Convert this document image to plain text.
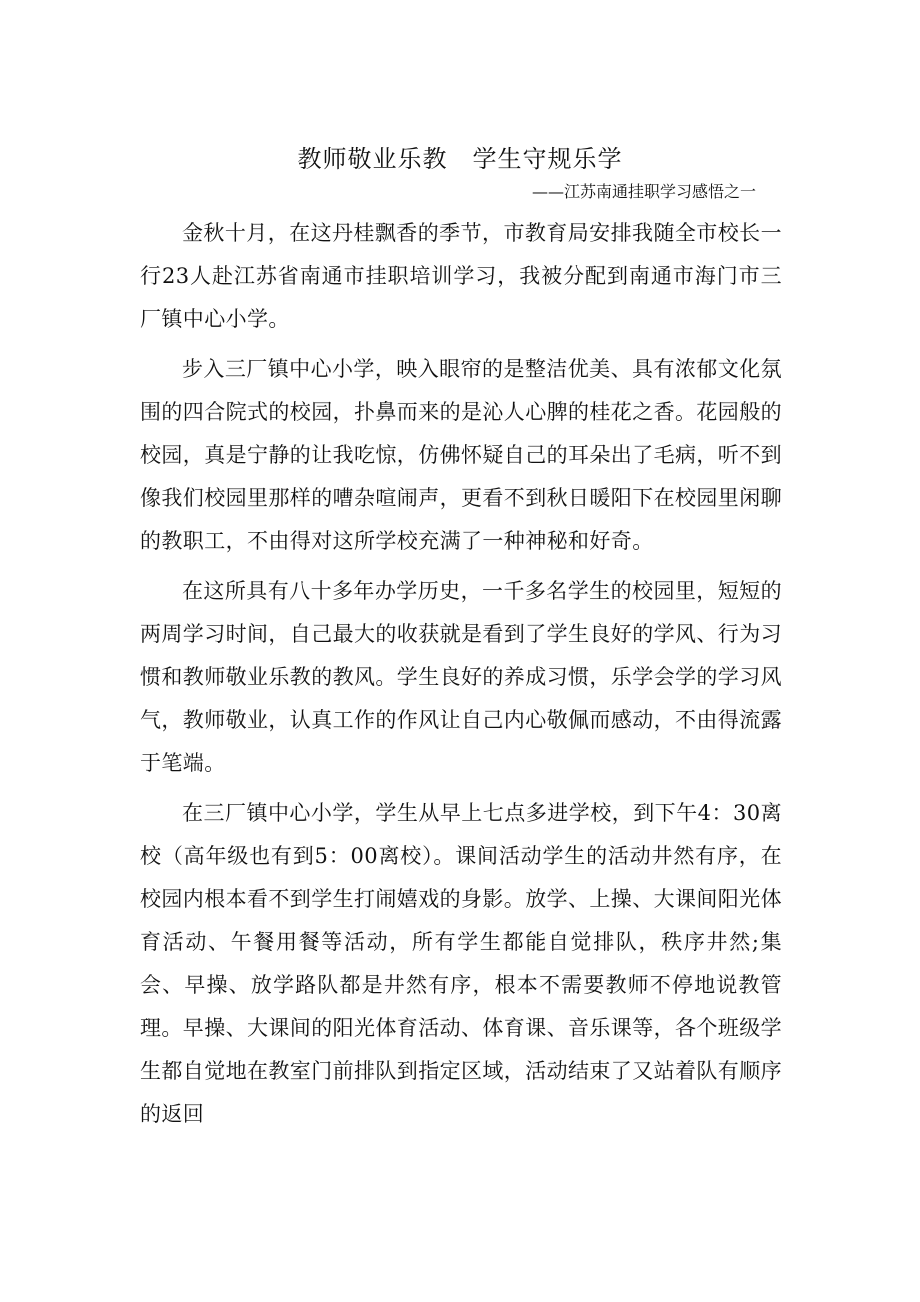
教师敬业乐教　学生守规乐学
——江苏南通挂职学习感悟之一

金秋十月，在这丹桂飘香的季节，市教育局安排我随全市校长一行23人赴江苏省南通市挂职培训学习，我被分配到南通市海门市三厂镇中心小学。

步入三厂镇中心小学，映入眼帘的是整洁优美、具有浓郁文化氛围的四合院式的校园，扑鼻而来的是沁人心脾的桂花之香。花园般的校园，真是宁静的让我吃惊，仿佛怀疑自己的耳朵出了毛病，听不到像我们校园里那样的嘈杂喧闹声，更看不到秋日暖阳下在校园里闲聊的教职工，不由得对这所学校充满了一种神秘和好奇。

在这所具有八十多年办学历史，一千多名学生的校园里，短短的两周学习时间，自己最大的收获就是看到了学生良好的学风、行为习惯和教师敬业乐教的教风。学生良好的养成习惯，乐学会学的学习风气，教师敬业，认真工作的作风让自己内心敬佩而感动，不由得流露于笔端。

在三厂镇中心小学，学生从早上七点多进学校，到下午4：30离校（高年级也有到5：00离校）。课间活动学生的活动井然有序，在校园内根本看不到学生打闹嬉戏的身影。放学、上操、大课间阳光体育活动、午餐用餐等活动，所有学生都能自觉排队，秩序井然;集会、早操、放学路队都是井然有序，根本不需要教师不停地说教管理。早操、大课间的阳光体育活动、体育课、音乐课等，各个班级学生都自觉地在教室门前排队到指定区域，活动结束了又站着队有顺序的返回
